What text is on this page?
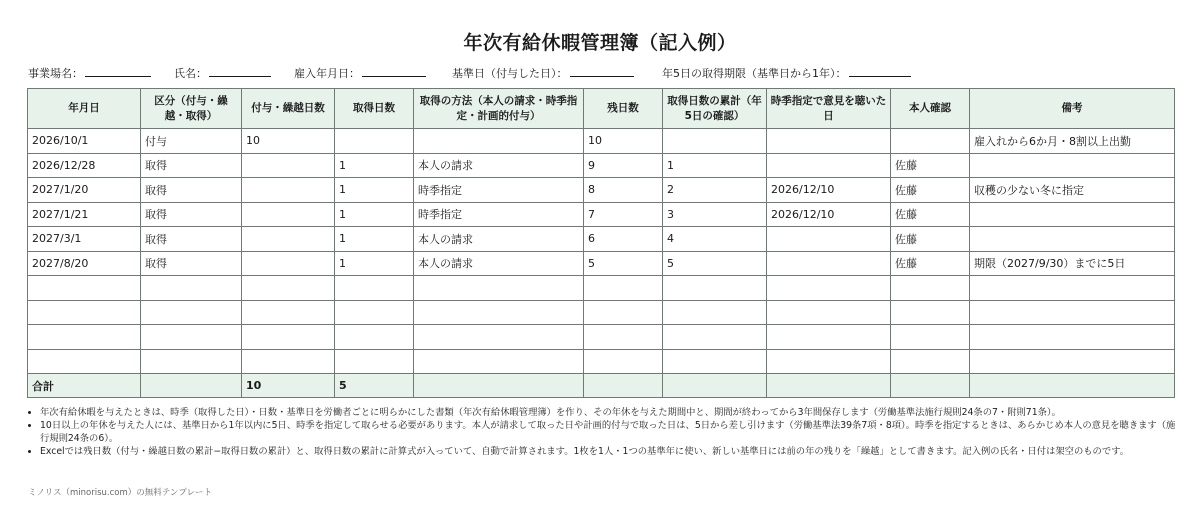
年次有給休暇管理簿（記入例）
事業場名：	氏名：	雇入年月日：	基準日（付与した日）：	年5日の取得期限（基準日から1年）：
年月日	区分（付与・繰越・取得）	付与・繰越日数	取得日数	取得の方法（本人の請求・時季指定・計画的付与）	残日数	取得日数の累計（年5日の確認）	時季指定で意見を聴いた日	本人確認	備考
2026/10/1	付与	10			10				雇入れから6か月・8割以上出勤
2026/12/28	取得		1	本人の請求	9	1		佐藤	
2027/1/20	取得		1	時季指定	8	2	2026/12/10	佐藤	収穫の少ない冬に指定
2027/1/21	取得		1	時季指定	7	3	2026/12/10	佐藤	
2027/3/1	取得		1	本人の請求	6	4		佐藤	
2027/8/20	取得		1	本人の請求	5	5		佐藤	期限（2027/9/30）までに5日

合計		10	5						
• 年次有給休暇を与えたときは、時季（取得した日）・日数・基準日を労働者ごとに明らかにした書類（年次有給休暇管理簿）を作り、その年休を与えた期間中と、期間が終わってから3年間保存します（労働基準法施行規則24条の7・附則71条）。
• 10日以上の年休を与えた人には、基準日から1年以内に5日、時季を指定して取らせる必要があります。本人が請求して取った日や計画的付与で取った日は、5日から差し引けます（労働基準法39条7項・8項）。時季を指定するときは、あらかじめ本人の意見を聴きます（施行規則24条の6）。
• Excelでは残日数（付与・繰越日数の累計−取得日数の累計）と、取得日数の累計に計算式が入っていて、自動で計算されます。1枚を1人・1つの基準年に使い、新しい基準日には前の年の残りを「繰越」として書きます。記入例の氏名・日付は架空のものです。
ミノリス（minorisu.com）の無料テンプレート
